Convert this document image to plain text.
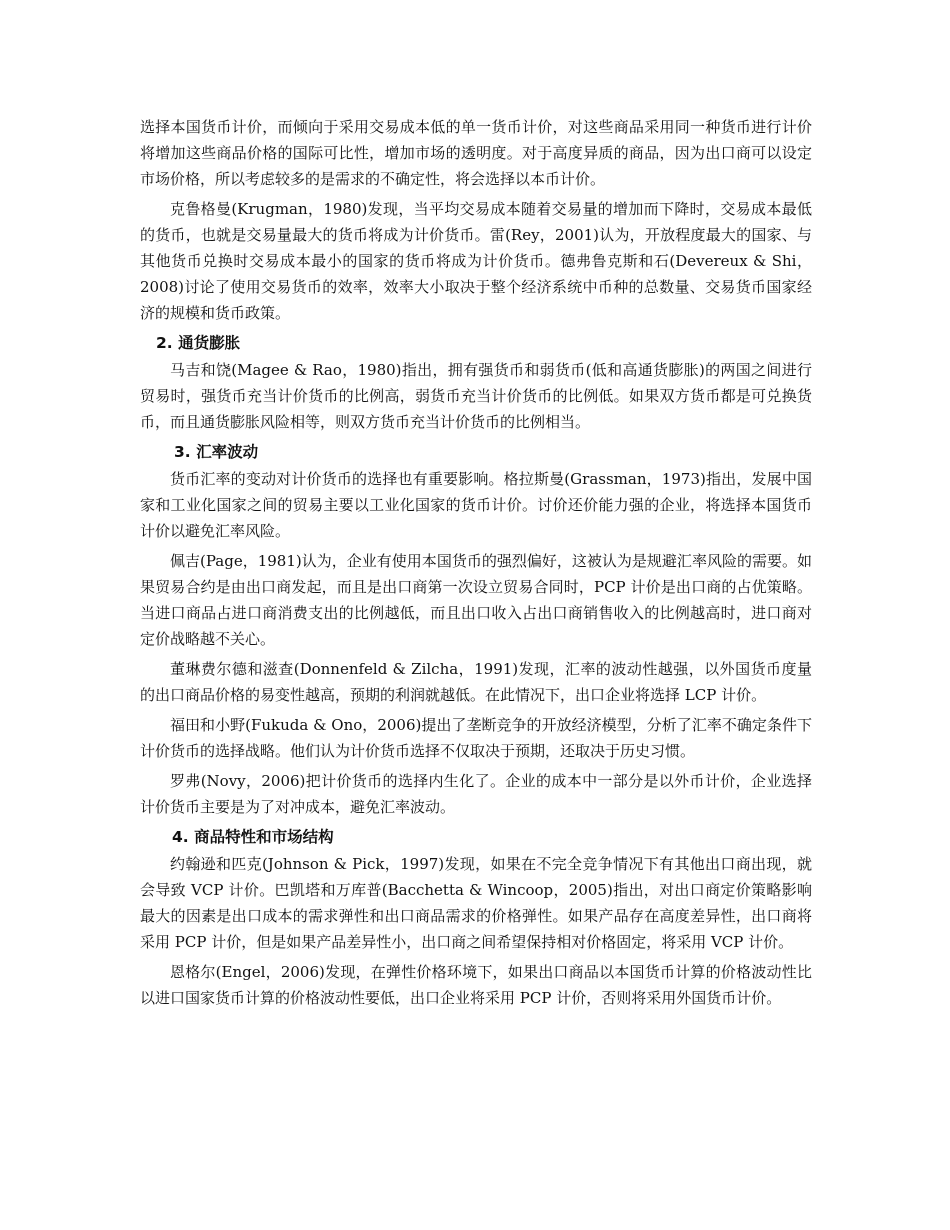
选择本国货币计价，而倾向于采用交易成本低的单一货币计价，对这些商品采用同一种货币进行计价将增加这些商品价格的国际可比性，增加市场的透明度。对于高度异质的商品，因为出口商可以设定市场价格，所以考虑较多的是需求的不确定性，将会选择以本币计价。

克鲁格曼(Krugman，1980)发现，当平均交易成本随着交易量的增加而下降时，交易成本最低的货币，也就是交易量最大的货币将成为计价货币。雷(Rey，2001)认为，开放程度最大的国家、与其他货币兑换时交易成本最小的国家的货币将成为计价货币。德弗鲁克斯和石(Devereux & Shi，2008)讨论了使用交易货币的效率，效率大小取决于整个经济系统中币种的总数量、交易货币国家经济的规模和货币政策。

2. 通货膨胀

马吉和饶(Magee & Rao，1980)指出，拥有强货币和弱货币(低和高通货膨胀)的两国之间进行贸易时，强货币充当计价货币的比例高，弱货币充当计价货币的比例低。如果双方货币都是可兑换货币，而且通货膨胀风险相等，则双方货币充当计价货币的比例相当。

3. 汇率波动

货币汇率的变动对计价货币的选择也有重要影响。格拉斯曼(Grassman，1973)指出，发展中国家和工业化国家之间的贸易主要以工业化国家的货币计价。讨价还价能力强的企业，将选择本国货币计价以避免汇率风险。

佩吉(Page，1981)认为，企业有使用本国货币的强烈偏好，这被认为是规避汇率风险的需要。如果贸易合约是由出口商发起，而且是出口商第一次设立贸易合同时，PCP 计价是出口商的占优策略。当进口商品占进口商消费支出的比例越低，而且出口收入占出口商销售收入的比例越高时，进口商对定价战略越不关心。

董琳费尔德和滋查(Donnenfeld & Zilcha，1991)发现，汇率的波动性越强，以外国货币度量的出口商品价格的易变性越高，预期的利润就越低。在此情况下，出口企业将选择 LCP 计价。

福田和小野(Fukuda & Ono，2006)提出了垄断竞争的开放经济模型，分析了汇率不确定条件下计价货币的选择战略。他们认为计价货币选择不仅取决于预期，还取决于历史习惯。

罗弗(Novy，2006)把计价货币的选择内生化了。企业的成本中一部分是以外币计价，企业选择计价货币主要是为了对冲成本，避免汇率波动。

4. 商品特性和市场结构

约翰逊和匹克(Johnson & Pick，1997)发现，如果在不完全竞争情况下有其他出口商出现，就会导致 VCP 计价。巴凯塔和万库普(Bacchetta & Wincoop，2005)指出，对出口商定价策略影响最大的因素是出口成本的需求弹性和出口商品需求的价格弹性。如果产品存在高度差异性，出口商将采用 PCP 计价，但是如果产品差异性小，出口商之间希望保持相对价格固定，将采用 VCP 计价。

恩格尔(Engel，2006)发现，在弹性价格环境下，如果出口商品以本国货币计算的价格波动性比以进口国家货币计算的价格波动性要低，出口企业将采用 PCP 计价，否则将采用外国货币计价。
